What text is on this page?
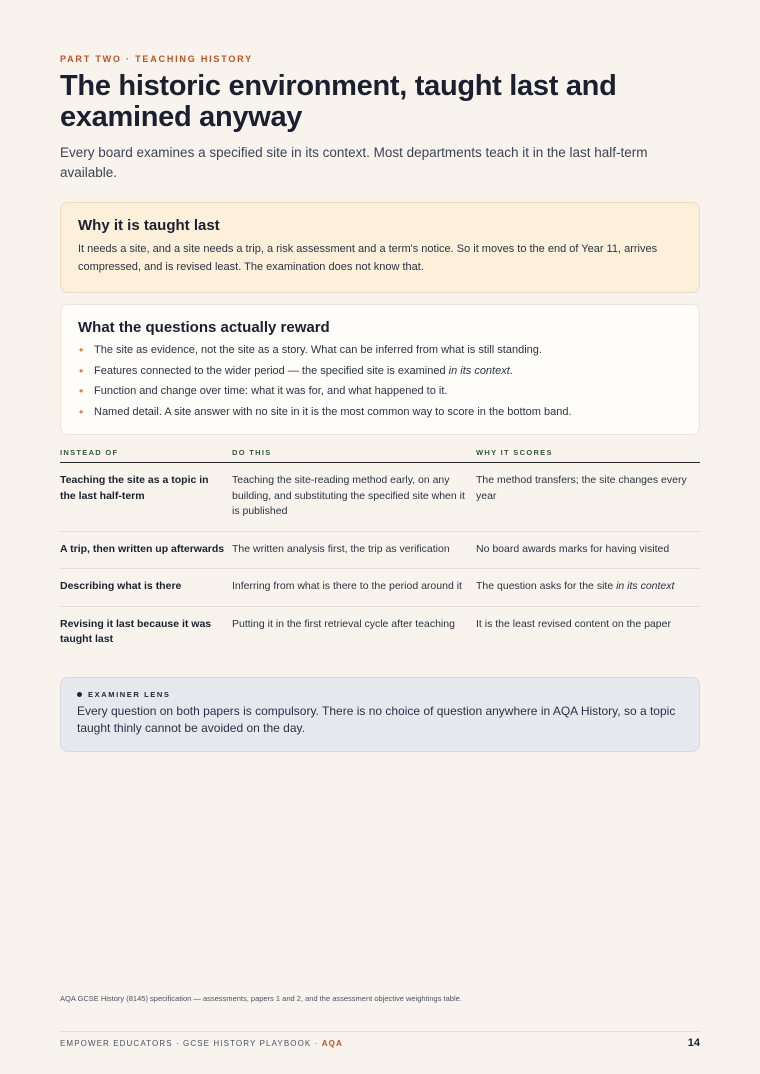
PART TWO · TEACHING HISTORY
The historic environment, taught last and examined anyway

Every board examines a specified site in its context. Most departments teach it in the last half-term available.

Why it is taught last
It needs a site, and a site needs a trip, a risk assessment and a term's notice. So it moves to the end of Year 11, arrives compressed, and is revised least. The examination does not know that.
What the questions actually reward
• The site as evidence, not the site as a story. What can be inferred from what is still standing.
• Features connected to the wider period — the specified site is examined in its context.
• Function and change over time: what it was for, and what happened to it.
• Named detail. A site answer with no site in it is the most common way to score in the bottom band.
INSTEAD OF	DO THIS	WHY IT SCORES
Teaching the site as a topic in the last half-term	Teaching the site-reading method early, on any building, and substituting the specified site when it is published	The method transfers; the site changes every year
A trip, then written up afterwards	The written analysis first, the trip as verification	No board awards marks for having visited
Describing what is there	Inferring from what is there to the period around it	The question asks for the site in its context
Revising it last because it was taught last	Putting it in the first retrieval cycle after teaching	It is the least revised content on the paper
EXAMINER LENS
Every question on both papers is compulsory. There is no choice of question anywhere in AQA History, so a topic taught thinly cannot be avoided on the day.
AQA GCSE History (8145) specification — assessments, papers 1 and 2, and the assessment objective weightings table.
EMPOWER EDUCATORS · GCSE HISTORY PLAYBOOK · AQA	14
